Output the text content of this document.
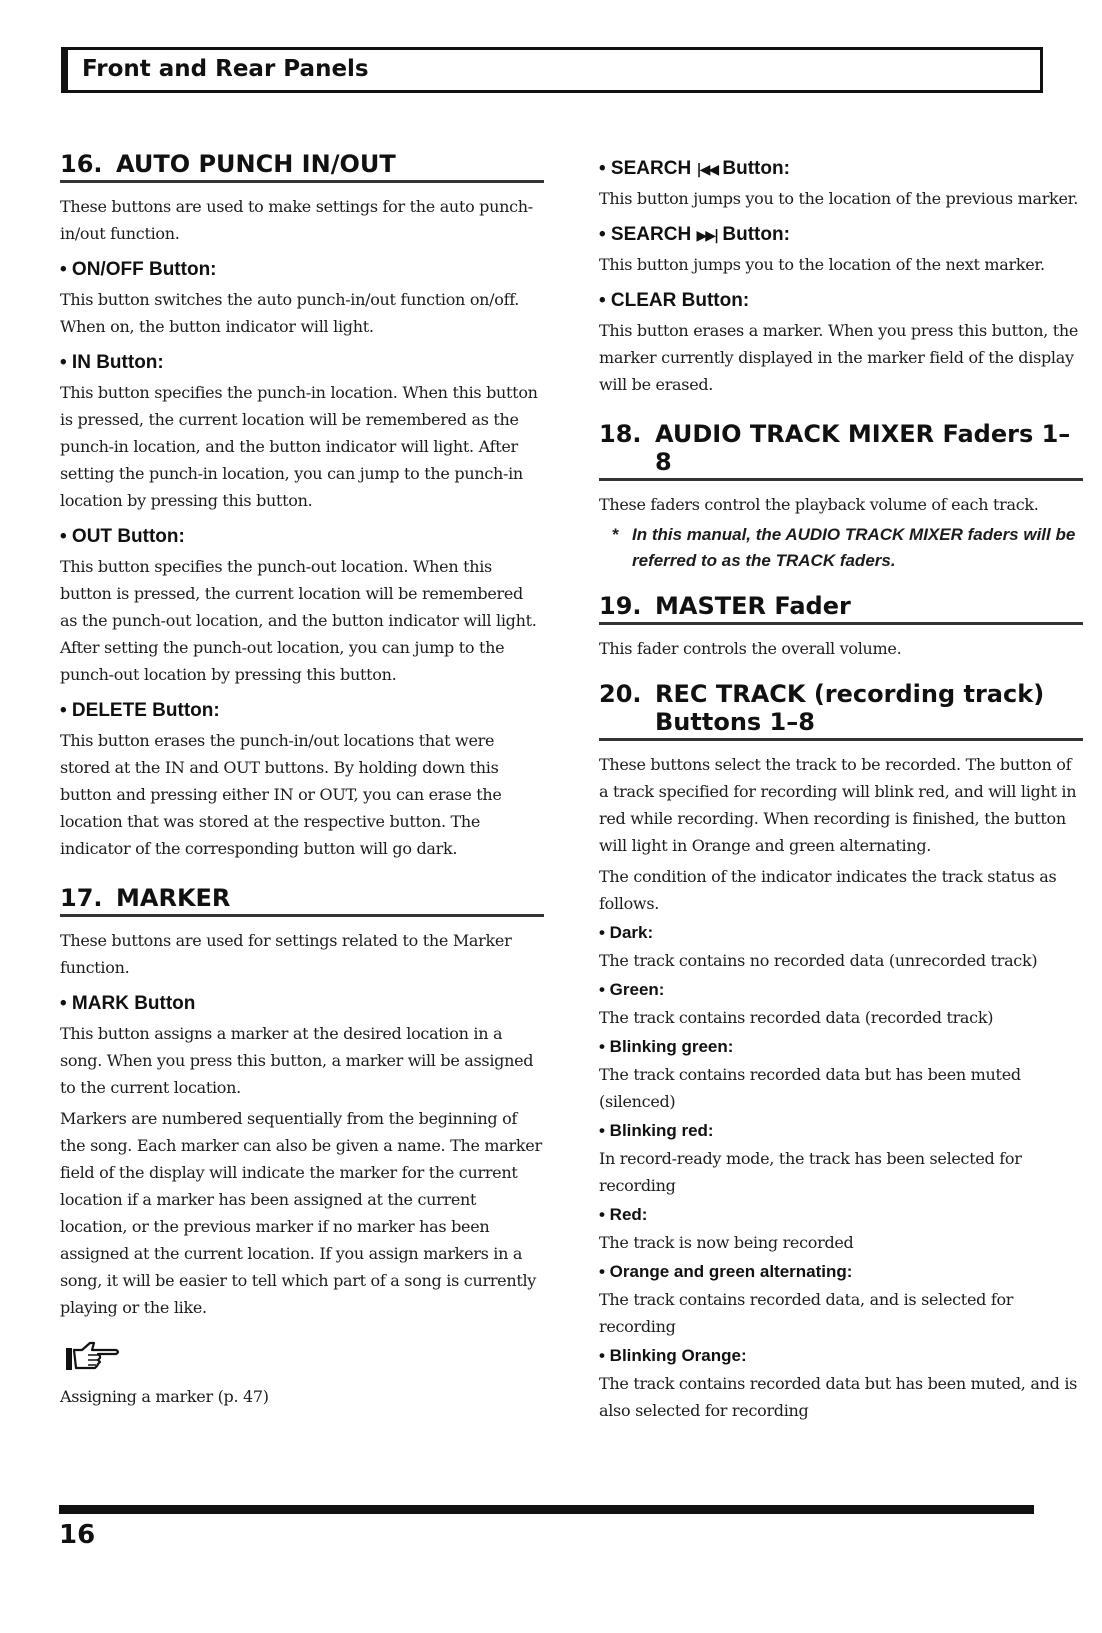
Front and Rear Panels
16. AUTO PUNCH IN/OUT

These buttons are used to make settings for the auto punch-in/out function.

• ON/OFF Button:

This button switches the auto punch-in/out function on/off. When on, the button indicator will light.

• IN Button:

This button specifies the punch-in location. When this button is pressed, the current location will be remembered as the punch-in location, and the button indicator will light. After setting the punch-in location, you can jump to the punch-in location by pressing this button.

• OUT Button:

This button specifies the punch-out location. When this button is pressed, the current location will be remembered as the punch-out location, and the button indicator will light. After setting the punch-out location, you can jump to the punch-out location by pressing this button.

• DELETE Button:

This button erases the punch-in/out locations that were stored at the IN and OUT buttons. By holding down this button and pressing either IN or OUT, you can erase the location that was stored at the respective button. The indicator of the corresponding button will go dark.

17. MARKER

These buttons are used for settings related to the Marker function.

• MARK Button

This button assigns a marker at the desired location in a song. When you press this button, a marker will be assigned to the current location.

Markers are numbered sequentially from the beginning of the song. Each marker can also be given a name. The marker field of the display will indicate the marker for the current location if a marker has been assigned at the current location, or the previous marker if no marker has been assigned at the current location. If you assign markers in a song, it will be easier to tell which part of a song is currently playing or the like.

Assigning a marker (p. 47)

• SEARCH |◀◀ Button:

This button jumps you to the location of the previous marker.

• SEARCH ▶▶| Button:

This button jumps you to the location of the next marker.

• CLEAR Button:

This button erases a marker. When you press this button, the marker currently displayed in the marker field of the display will be erased.

18. AUDIO TRACK MIXER Faders 1–8

These faders control the playback volume of each track.

* In this manual, the AUDIO TRACK MIXER faders will be referred to as the TRACK faders.
19. MASTER Fader

This fader controls the overall volume.

20. REC TRACK (recording track) Buttons 1–8

These buttons select the track to be recorded. The button of a track specified for recording will blink red, and will light in red while recording. When recording is finished, the button will light in Orange and green alternating.

The condition of the indicator indicates the track status as follows.

• Dark:

The track contains no recorded data (unrecorded track)

• Green:

The track contains recorded data (recorded track)

• Blinking green:

The track contains recorded data but has been muted (silenced)

• Blinking red:

In record-ready mode, the track has been selected for recording

• Red:

The track is now being recorded

• Orange and green alternating:

The track contains recorded data, and is selected for recording

• Blinking Orange:

The track contains recorded data but has been muted, and is also selected for recording

16
